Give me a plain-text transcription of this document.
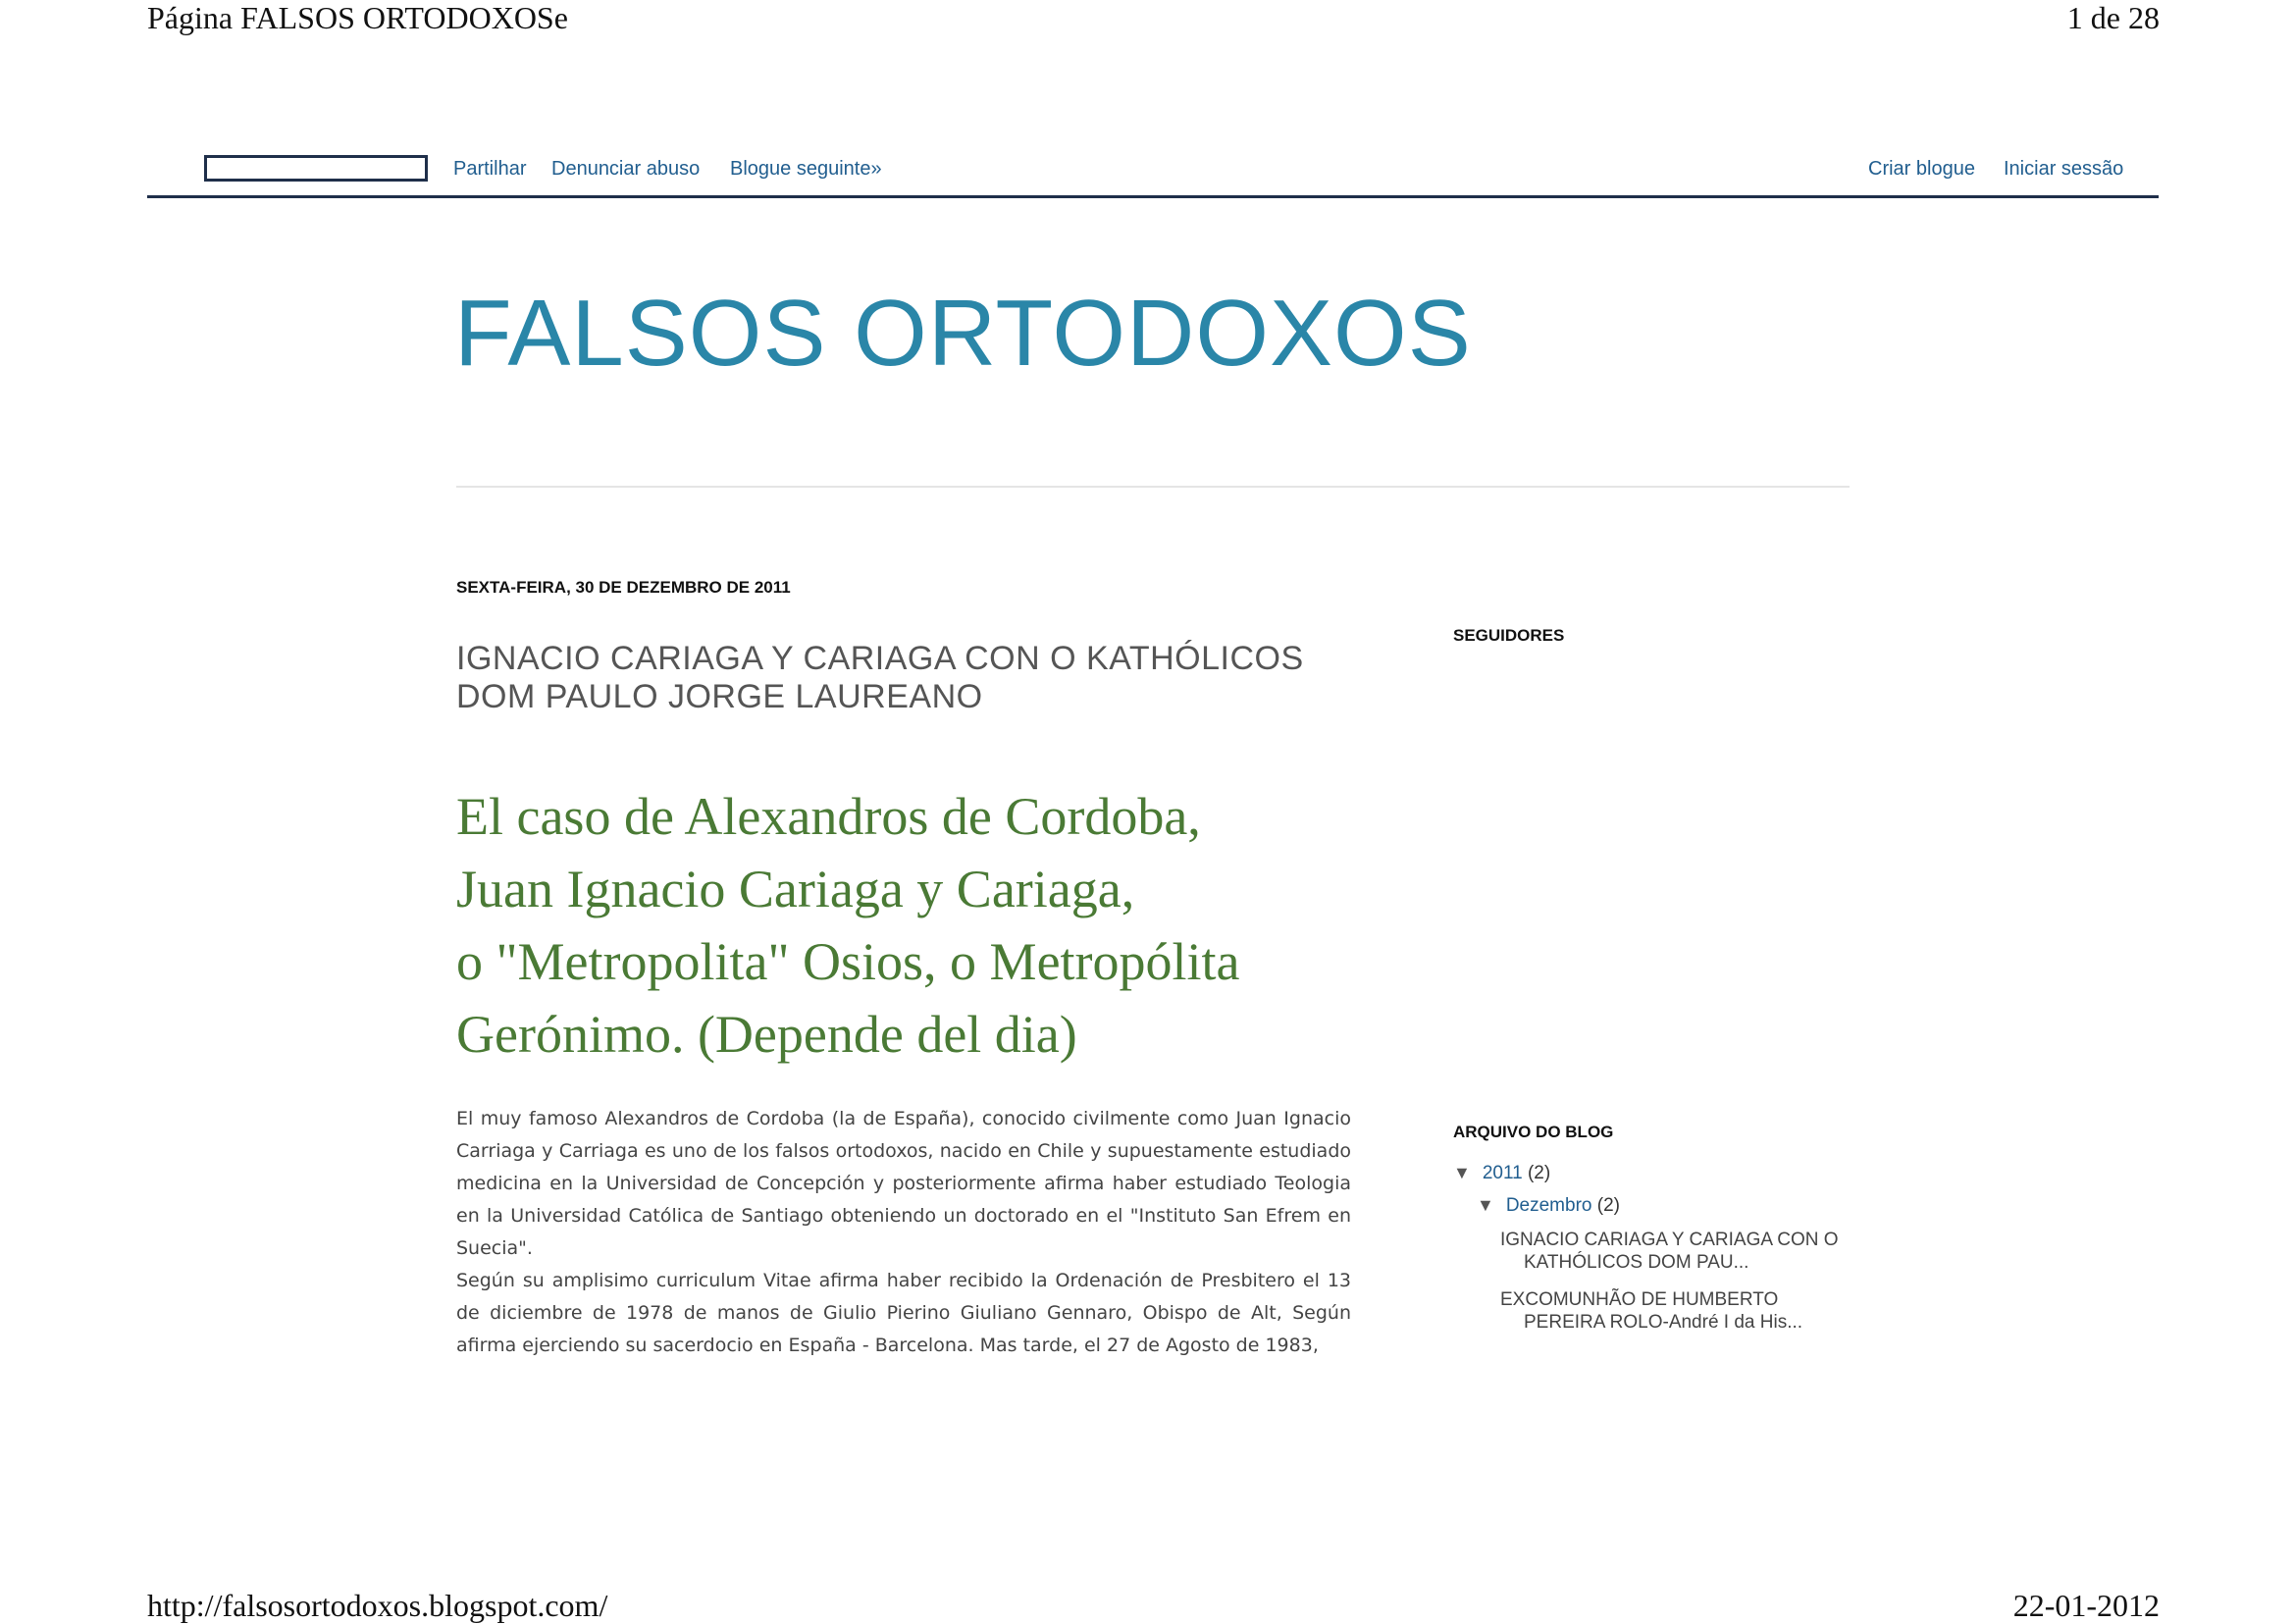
Página FALSOS ORTODOXOSe	1 de 28
http://falsosortodoxos.blogspot.com/	22-01-2012
Partilhar Denunciar abuso Blogue seguinte»	Criar blogue Iniciar sessão
FALSOS ORTODOXOS
SEXTA-FEIRA, 30 DE DEZEMBRO DE 2011
IGNACIO CARIAGA Y CARIAGA CON O KATHÓLICOS
DOM PAULO JORGE LAUREANO
El caso de Alexandros de Cordoba,
Juan Ignacio Cariaga y Cariaga,
o "Metropolita" Osios, o Metropólita
Gerónimo. (Depende del dia)

El muy famoso Alexandros de Cordoba (la de España), conocido civilmente como Juan Ignacio Carriaga y Carriaga es uno de los falsos ortodoxos, nacido en Chile y supuestamente estudiado medicina en la Universidad de Concepción y posteriormente afirma haber estudiado Teologia en la Universidad Católica de Santiago obteniendo un doctorado en el "Instituto San Efrem en Suecia".

Según su amplisimo curriculum Vitae afirma haber recibido la Ordenación de Presbitero el 13 de diciembre de 1978 de manos de Giulio Pierino Giuliano Gennaro, Obispo de Alt, Según afirma ejerciendo su sacerdocio en España - Barcelona. Mas tarde, el 27 de Agosto de 1983,

SEGUIDORES
ARQUIVO DO BLOG
▼ 2011 (2)
▼ Dezembro (2)
IGNACIO CARIAGA Y CARIAGA CON O KATHÓLICOS DOM PAU...
EXCOMUNHÃO DE HUMBERTO PEREIRA ROLO-André I da His...
